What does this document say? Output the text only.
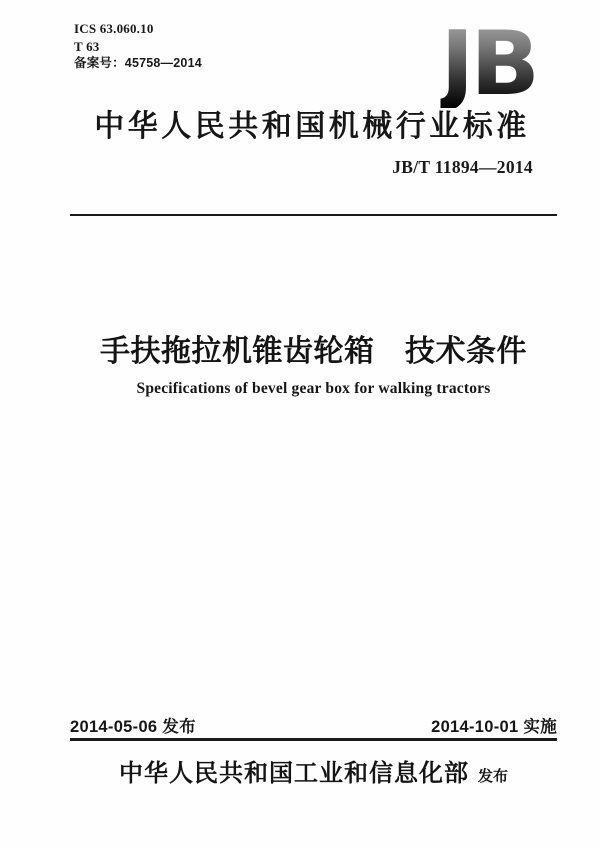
ICS 63.060.10
T 63
备案号：45758—2014	JB
中华人民共和国机械行业标准
JB/T 11894—2014
手扶拖拉机锥齿轮箱　技术条件
Specifications of bevel gear box for walking tractors
2014-05-06 发布	2014-10-01 实施
中华人民共和国工业和信息化部 发布
